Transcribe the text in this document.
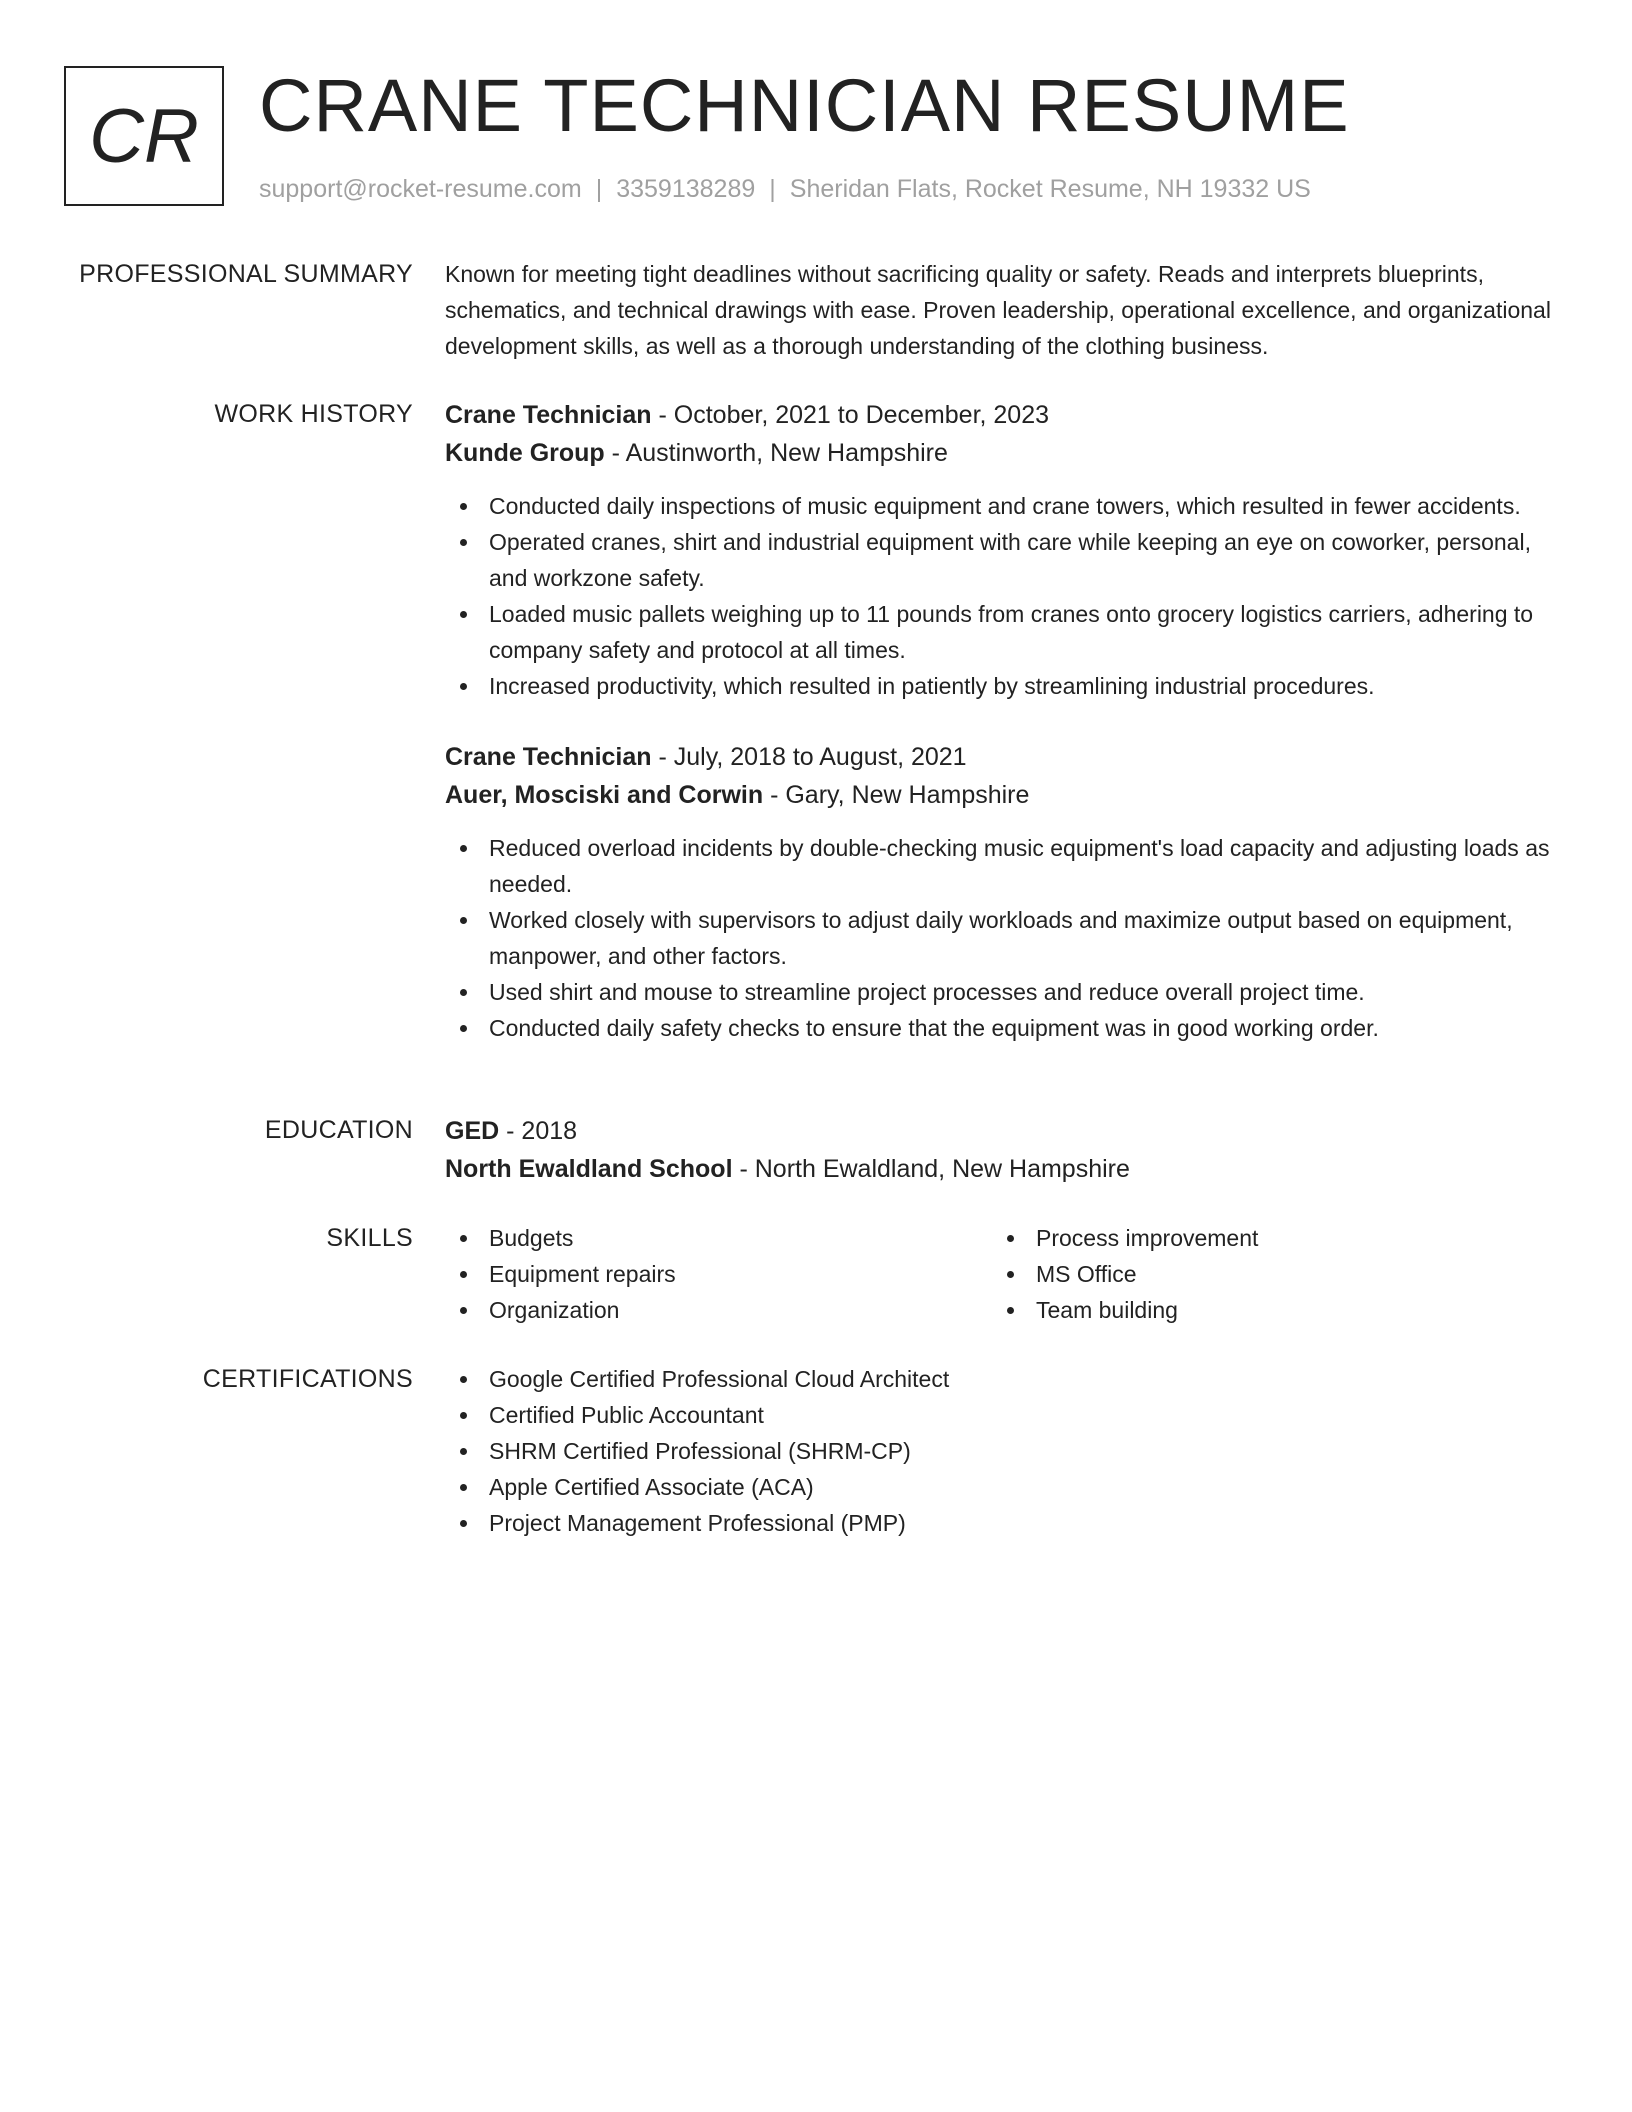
CR CRANE TECHNICIAN RESUME
support@rocket-resume.com | 3359138289 | Sheridan Flats, Rocket Resume, NH 19332 US
PROFESSIONAL SUMMARY Known for meeting tight deadlines without sacrificing quality or safety. Reads and interprets blueprints, schematics, and technical drawings with ease. Proven leadership, operational excellence, and organizational development skills, as well as a thorough understanding of the clothing business.

WORK HISTORY Crane Technician - October, 2021 to December, 2023

Kunde Group - Austinworth, New Hampshire

Conducted daily inspections of music equipment and crane towers, which resulted in fewer accidents.
Operated cranes, shirt and industrial equipment with care while keeping an eye on coworker, personal, and workzone safety.
Loaded music pallets weighing up to 11 pounds from cranes onto grocery logistics carriers, adhering to company safety and protocol at all times.
Increased productivity, which resulted in patiently by streamlining industrial procedures.

Crane Technician - July, 2018 to August, 2021

Auer, Mosciski and Corwin - Gary, New Hampshire

Reduced overload incidents by double-checking music equipment's load capacity and adjusting loads as needed.
Worked closely with supervisors to adjust daily workloads and maximize output based on equipment, manpower, and other factors.
Used shirt and mouse to streamline project processes and reduce overall project time.
Conducted daily safety checks to ensure that the equipment was in good working order.
EDUCATION GED - 2018

North Ewaldland School - North Ewaldland, New Hampshire

SKILLS	Budgets
Equipment repairs
Organization
Process improvement
MS Office
Team building
CERTIFICATIONS	Google Certified Professional Cloud Architect
Certified Public Accountant
SHRM Certified Professional (SHRM-CP)
Apple Certified Associate (ACA)
Project Management Professional (PMP)
